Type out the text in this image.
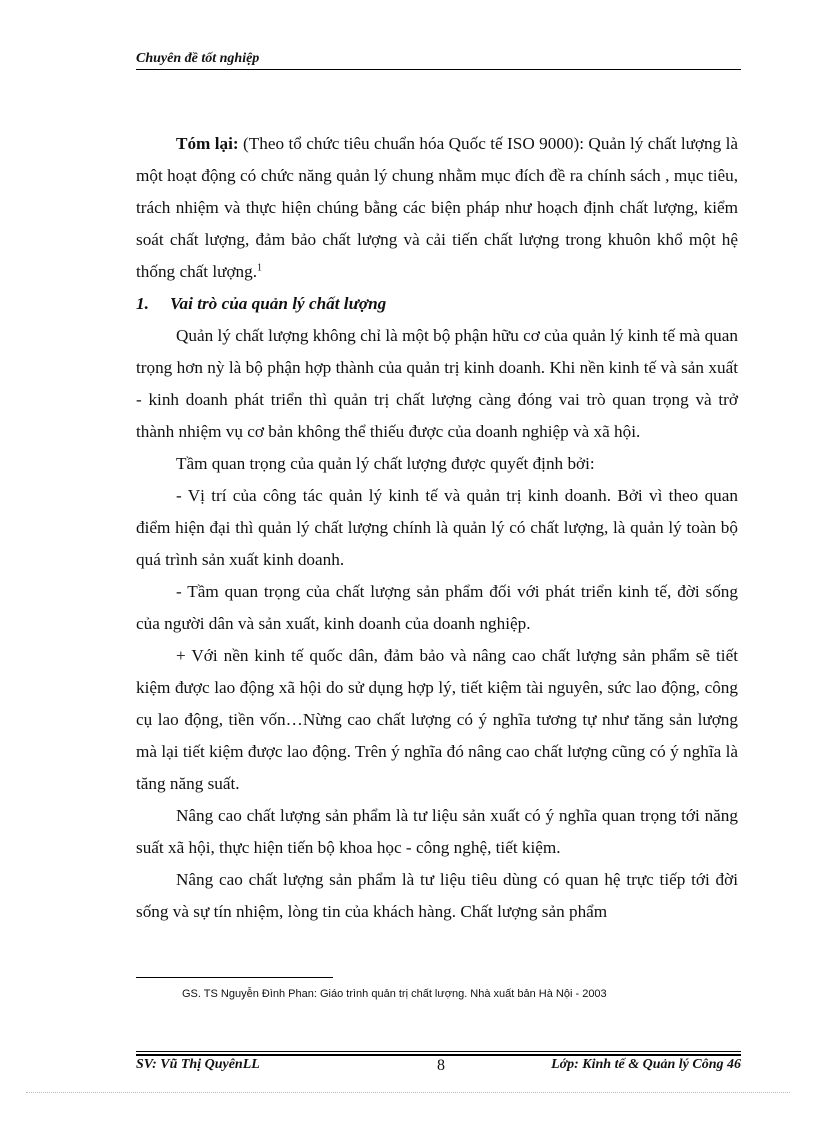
Chuyên đề tốt nghiệp

Tóm lại: (Theo tổ chức tiêu chuẩn hóa Quốc tế ISO 9000): Quản lý chất lượng là một hoạt động có chức năng quản lý chung nhằm mục đích đề ra chính sách , mục tiêu, trách nhiệm và thực hiện chúng bằng các biện pháp như hoạch định chất lượng, kiểm soát chất lượng, đảm bảo chất lượng và cải tiến chất lượng trong khuôn khổ một hệ thống chất lượng.$^1$

1. Vai trò của quản lý chất lượng

Quản lý chất lượng không chỉ là một bộ phận hữu cơ của quản lý kinh tế mà quan trọng hơn nỳ là bộ phận hợp thành của quản trị kinh doanh. Khi nền kinh tế và sản xuất - kinh doanh phát triển thì quản trị chất lượng càng đóng vai trò quan trọng và trở thành nhiệm vụ cơ bản không thể thiếu được của doanh nghiệp và xã hội.

Tầm quan trọng của quản lý chất lượng được quyết định bởi:

- Vị trí của công tác quản lý kinh tế và quản trị kinh doanh. Bởi vì theo quan điểm hiện đại thì quản lý chất lượng chính là quản lý có chất lượng, là quản lý toàn bộ quá trình sản xuất kinh doanh.

- Tầm quan trọng của chất lượng sản phẩm đối với phát triển kinh tế, đời sống của người dân và sản xuất, kinh doanh của doanh nghiệp.

+ Với nền kinh tế quốc dân, đảm bảo và nâng cao chất lượng sản phẩm sẽ tiết kiệm được lao động xã hội do sử dụng hợp lý, tiết kiệm tài nguyên, sức lao động, công cụ lao động, tiền vốn…Nừng cao chất lượng có ý nghĩa tương tự như tăng sản lượng mà lại tiết kiệm được lao động. Trên ý nghĩa đó nâng cao chất lượng cũng có ý nghĩa là tăng năng suất.

Nâng cao chất lượng sản phẩm là tư liệu sản xuất có ý nghĩa quan trọng tới năng suất xã hội, thực hiện tiến bộ khoa học - công nghệ, tiết kiệm.

Nâng cao chất lượng sản phẩm là tư liệu tiêu dùng có quan hệ trực tiếp tới đời sống và sự tín nhiệm, lòng tin của khách hàng. Chất lượng sản phẩm

GS. TS Nguyễn Đình Phan: Giáo trình quản trị chất lượng. Nhà xuất bản Hà Nội - 2003
SV: Vũ Thị QuyênLL	8	Lớp: Kinh tế & Quản lý Công 46
